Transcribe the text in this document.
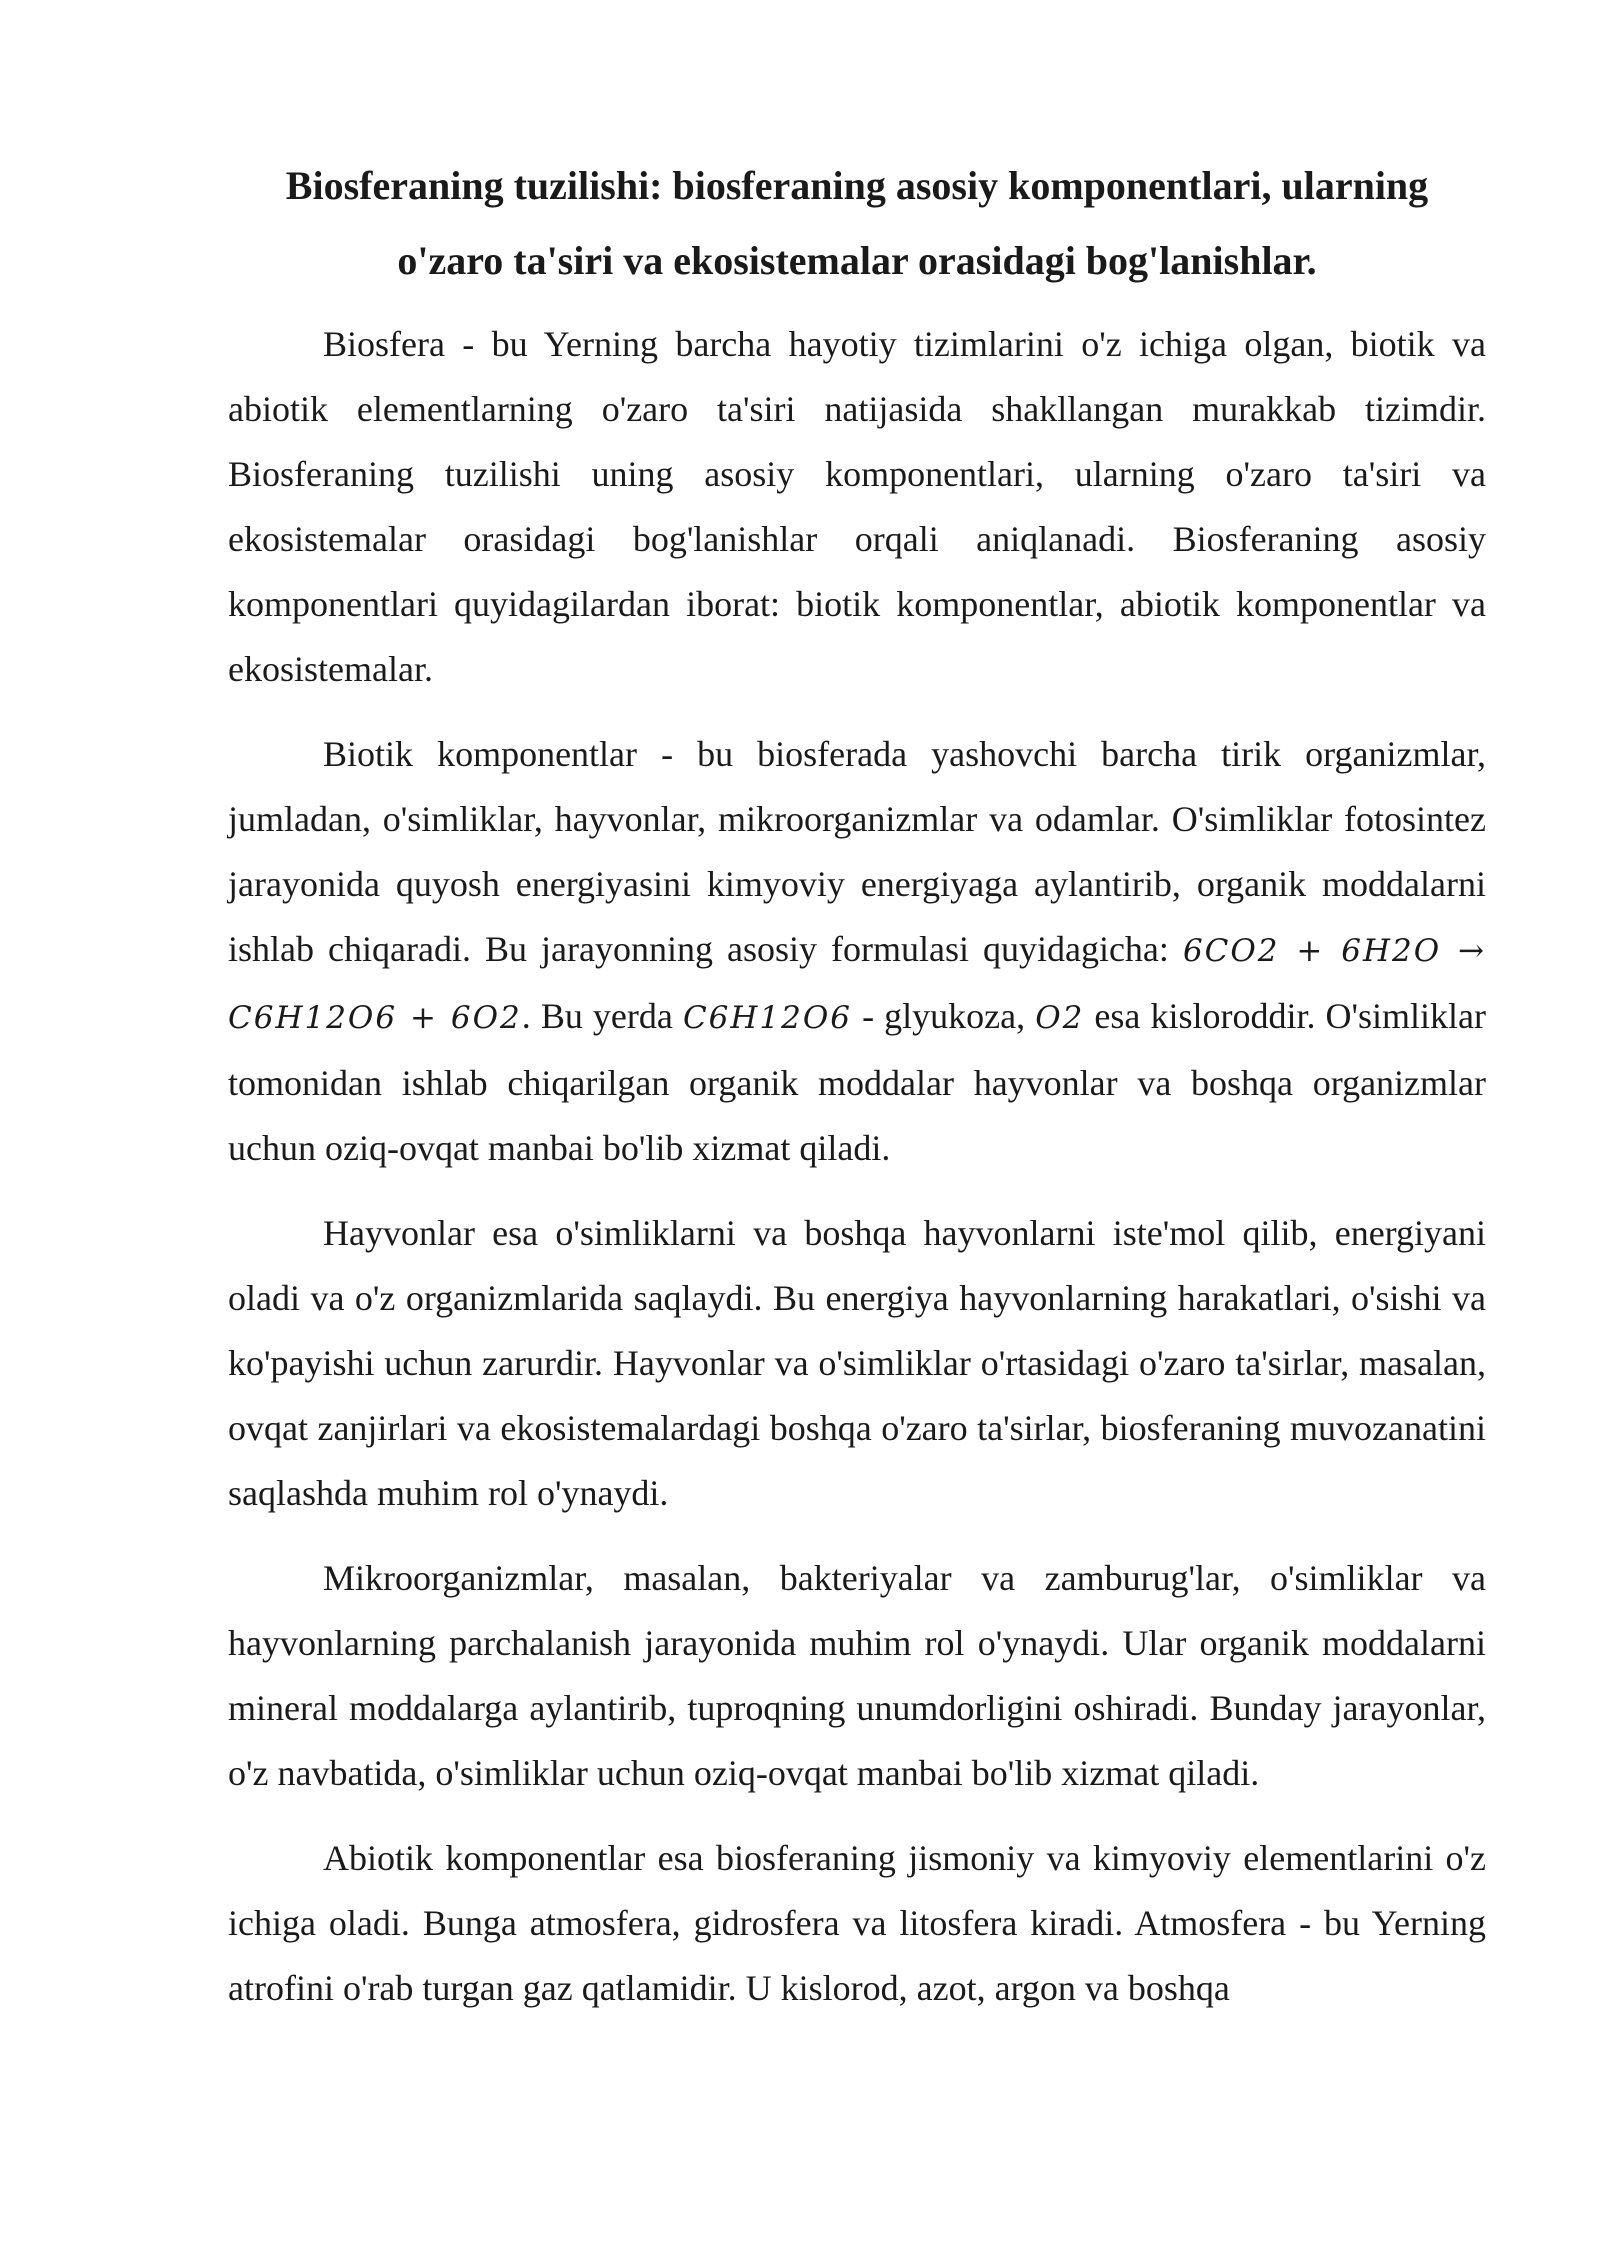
Biosferaning tuzilishi: biosferaning asosiy komponentlari, ularning o'zaro ta'siri va ekosistemalar orasidagi bog'lanishlar.

Biosfera - bu Yerning barcha hayotiy tizimlarini o'z ichiga olgan, biotik va abiotik elementlarning o'zaro ta'siri natijasida shakllangan murakkab tizimdir. Biosferaning tuzilishi uning asosiy komponentlari, ularning o'zaro ta'siri va ekosistemalar orasidagi bog'lanishlar orqali aniqlanadi. Biosferaning asosiy komponentlari quyidagilardan iborat: biotik komponentlar, abiotik komponentlar va ekosistemalar.

Biotik komponentlar - bu biosferada yashovchi barcha tirik organizmlar, jumladan, o'simliklar, hayvonlar, mikroorganizmlar va odamlar. O'simliklar fotosintez jarayonida quyosh energiyasini kimyoviy energiyaga aylantirib, organik moddalarni ishlab chiqaradi. Bu jarayonning asosiy formulasi quyidagicha: 6CO2 + 6H2O → C6H12O6 + 6O2. Bu yerda C6H12O6 - glyukoza, O2 esa kisloroddir. O'simliklar tomonidan ishlab chiqarilgan organik moddalar hayvonlar va boshqa organizmlar uchun oziq-ovqat manbai bo'lib xizmat qiladi.

Hayvonlar esa o'simliklarni va boshqa hayvonlarni iste'mol qilib, energiyani oladi va o'z organizmlarida saqlaydi. Bu energiya hayvonlarning harakatlari, o'sishi va ko'payishi uchun zarurdir. Hayvonlar va o'simliklar o'rtasidagi o'zaro ta'sirlar, masalan, ovqat zanjirlari va ekosistemalardagi boshqa o'zaro ta'sirlar, biosferaning muvozanatini saqlashda muhim rol o'ynaydi.

Mikroorganizmlar, masalan, bakteriyalar va zamburug'lar, o'simliklar va hayvonlarning parchalanish jarayonida muhim rol o'ynaydi. Ular organik moddalarni mineral moddalarga aylantirib, tuproqning unumdorligini oshiradi. Bunday jarayonlar, o'z navbatida, o'simliklar uchun oziq-ovqat manbai bo'lib xizmat qiladi.

Abiotik komponentlar esa biosferaning jismoniy va kimyoviy elementlarini o'z ichiga oladi. Bunga atmosfera, gidrosfera va litosfera kiradi. Atmosfera - bu Yerning atrofini o'rab turgan gaz qatlamidir. U kislorod, azot, argon va boshqa
